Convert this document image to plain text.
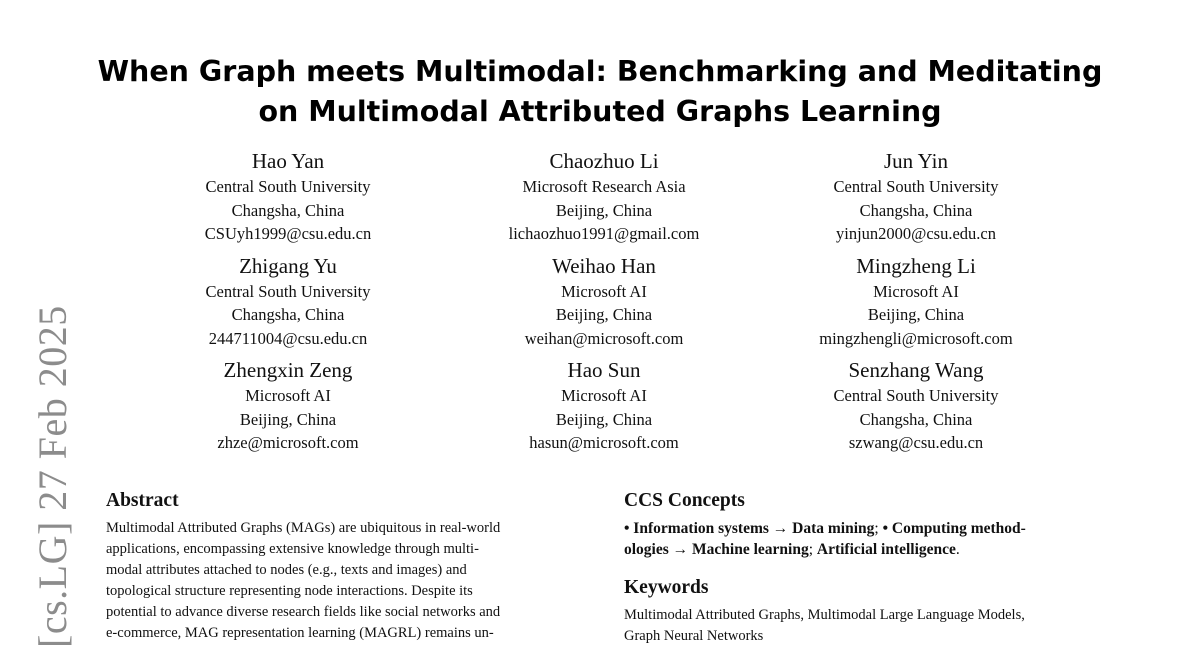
[cs.LG] 27 Feb 2025
When Graph meets Multimodal: Benchmarking and Meditating
on Multimodal Attributed Graphs Learning
Hao Yan
Central South University
Changsha, China
CSUyh1999@csu.edu.cn
Chaozhuo Li
Microsoft Research Asia
Beijing, China
lichaozhuo1991@gmail.com
Jun Yin
Central South University
Changsha, China
yinjun2000@csu.edu.cn
Zhigang Yu
Central South University
Changsha, China
244711004@csu.edu.cn
Weihao Han
Microsoft AI
Beijing, China
weihan@microsoft.com
Mingzheng Li
Microsoft AI
Beijing, China
mingzhengli@microsoft.com
Zhengxin Zeng
Microsoft AI
Beijing, China
zhze@microsoft.com
Hao Sun
Microsoft AI
Beijing, China
hasun@microsoft.com
Senzhang Wang
Central South University
Changsha, China
szwang@csu.edu.cn
Abstract

Multimodal Attributed Graphs (MAGs) are ubiquitous in real-world
applications, encompassing extensive knowledge through multi-
modal attributes attached to nodes (e.g., texts and images) and
topological structure representing node interactions. Despite its
potential to advance diverse research fields like social networks and
e-commerce, MAG representation learning (MAGRL) remains un-

CCS Concepts

• Information systems → Data mining; • Computing method-
ologies → Machine learning; Artificial intelligence.

Keywords

Multimodal Attributed Graphs, Multimodal Large Language Models,
Graph Neural Networks
